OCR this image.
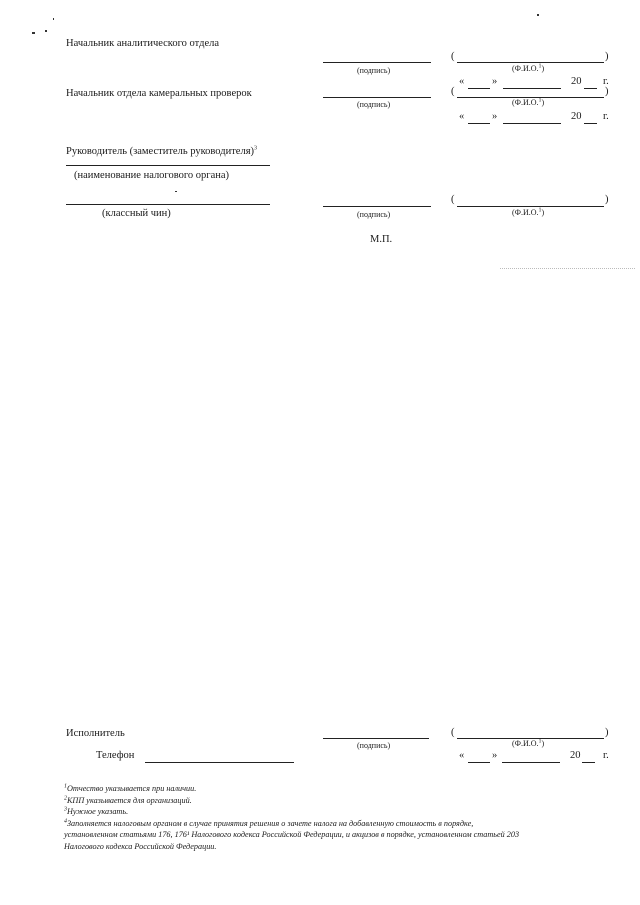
Начальник аналитического отдела
(подпись)
(	)
(Ф.И.О.$^1$)
«	»	20 г.
Начальник отдела камеральных проверок
(подпись)
(	)
(Ф.И.О.$^1$)
«	»	20 г.
Руководитель (заместитель руководителя)$^3$
(наименование налогового органа)
(классный чин)	(подпись)
(	)
(Ф.И.О.$^1$)
М.П.
Исполнитель
(подпись)
(	)
(Ф.И.О.$^1$)
Телефон	«	»	20 г.
$^1$Отчество указывается при наличии.
$^2$КПП указывается для организаций.
$^3$Нужное указать.
$^4$Заполняется налоговым органом в случае принятия решения о зачете налога на добавленную стоимость в порядке,
установленном статьями 176, 176¹ Налогового кодекса Российской Федерации, и акцизов в порядке, установленном статьей 203
Налогового кодекса Российской Федерации.
